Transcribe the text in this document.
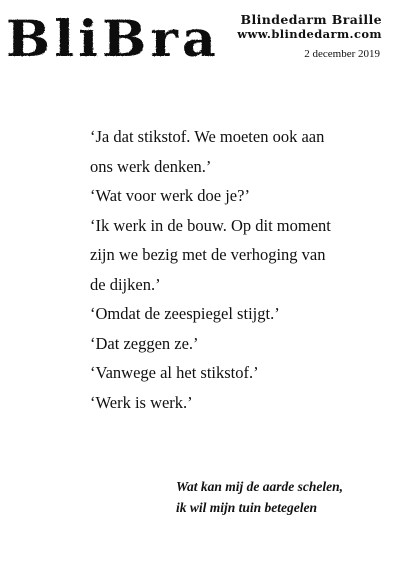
BliBra	Blindedarm Braille
www.blindedarm.com
2 december 2019
‘Ja dat stikstof. We moeten ook aan
ons werk denken.’
‘Wat voor werk doe je?’
‘Ik werk in de bouw. Op dit moment
zijn we bezig met de verhoging van
de dijken.’
‘Omdat de zeespiegel stijgt.’
‘Dat zeggen ze.’
‘Vanwege al het stikstof.’
‘Werk is werk.’
Wat kan mij de aarde schelen,
ik wil mijn tuin betegelen
